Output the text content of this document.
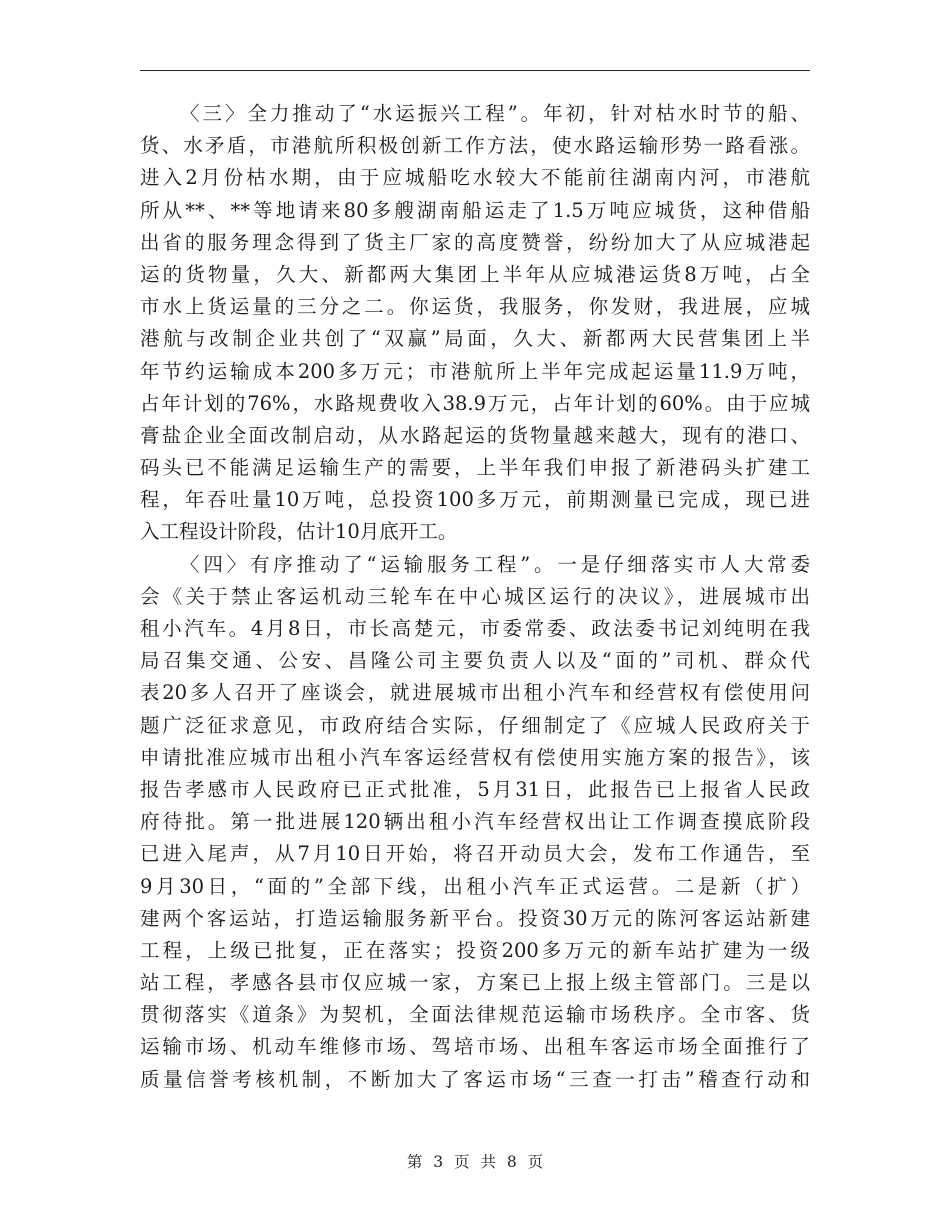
〈三〉全力推动了“水运振兴工程”。年初，针对枯水时节的船、
货、水矛盾，市港航所积极创新工作方法，使水路运输形势一路看涨。
进入2月份枯水期，由于应城船吃水较大不能前往湖南内河，市港航
所从**、**等地请来80多艘湖南船运走了1.5万吨应城货，这种借船
出省的服务理念得到了货主厂家的高度赞誉，纷纷加大了从应城港起
运的货物量，久大、新都两大集团上半年从应城港运货8万吨，占全
市水上货运量的三分之二。你运货，我服务，你发财，我进展，应城
港航与改制企业共创了“双赢”局面，久大、新都两大民营集团上半
年节约运输成本200多万元；市港航所上半年完成起运量11.9万吨，
占年计划的76%，水路规费收入38.9万元，占年计划的60%。由于应城
膏盐企业全面改制启动，从水路起运的货物量越来越大，现有的港口、
码头已不能满足运输生产的需要，上半年我们申报了新港码头扩建工
程，年吞吐量10万吨，总投资100多万元，前期测量已完成，现已进
入工程设计阶段，估计10月底开工。
〈四〉有序推动了“运输服务工程”。一是仔细落实市人大常委
会《关于禁止客运机动三轮车在中心城区运行的决议》，进展城市出
租小汽车。4月8日，市长高楚元，市委常委、政法委书记刘纯明在我
局召集交通、公安、昌隆公司主要负责人以及“面的”司机、群众代
表20多人召开了座谈会，就进展城市出租小汽车和经营权有偿使用问
题广泛征求意见，市政府结合实际，仔细制定了《应城人民政府关于
申请批准应城市出租小汽车客运经营权有偿使用实施方案的报告》，该
报告孝感市人民政府已正式批准，5月31日，此报告已上报省人民政
府待批。第一批进展120辆出租小汽车经营权出让工作调查摸底阶段
已进入尾声，从7月10日开始，将召开动员大会，发布工作通告，至
9月30日，“面的”全部下线，出租小汽车正式运营。二是新（扩）
建两个客运站，打造运输服务新平台。投资30万元的陈河客运站新建
工程，上级已批复，正在落实；投资200多万元的新车站扩建为一级
站工程，孝感各县市仅应城一家，方案已上报上级主管部门。三是以
贯彻落实《道条》为契机，全面法律规范运输市场秩序。全市客、货
运输市场、机动车维修市场、驾培市场、出租车客运市场全面推行了
质量信誉考核机制，不断加大了客运市场“三查一打击”稽查行动和
第 3 页 共 8 页
